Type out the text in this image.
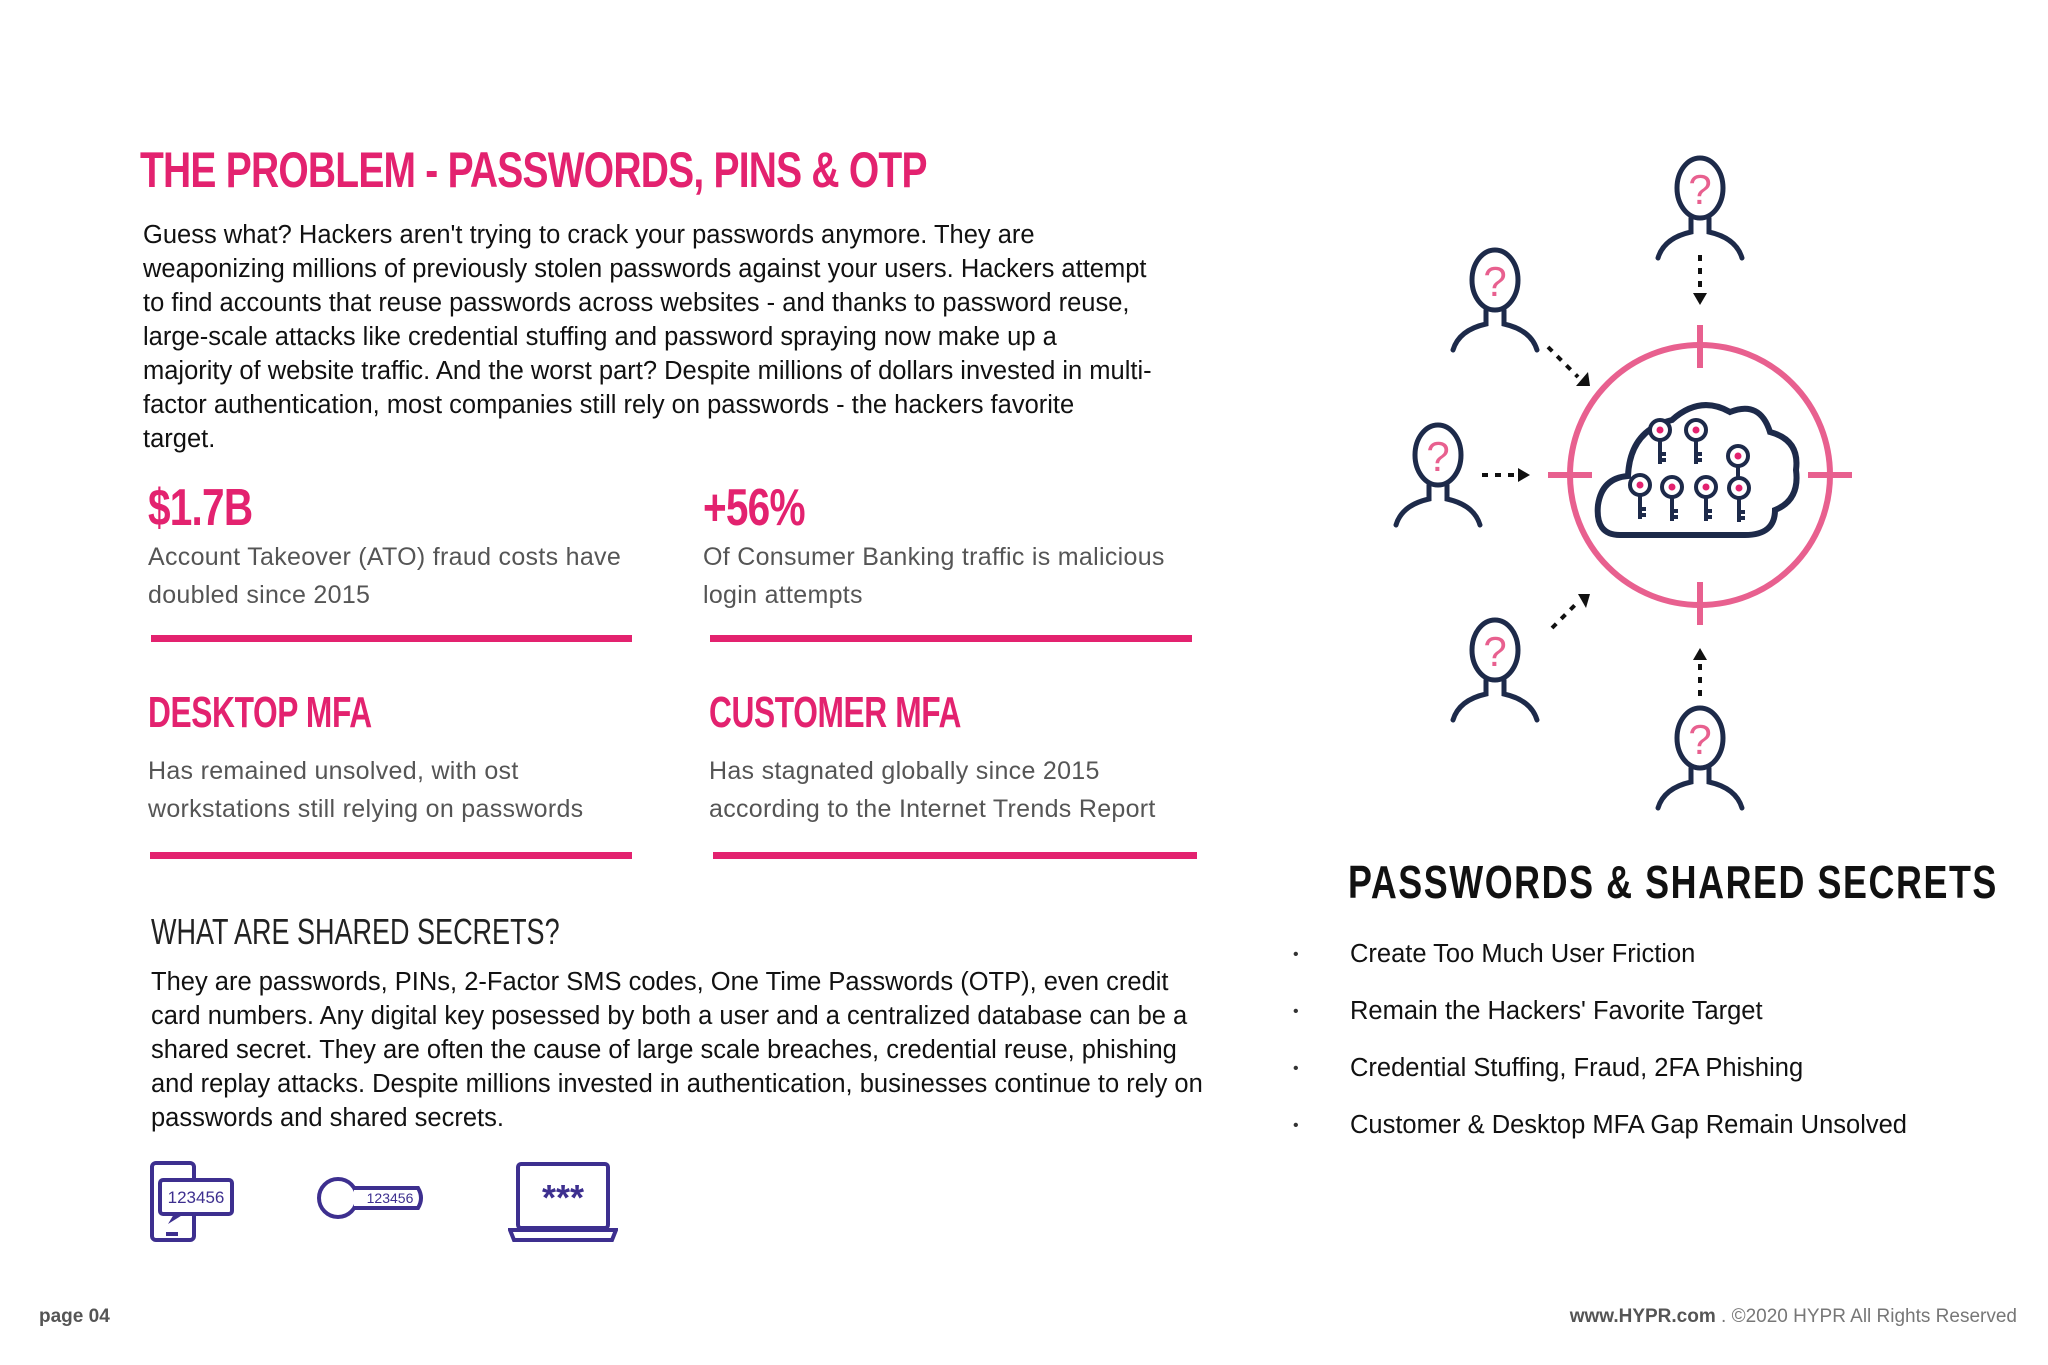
THE PROBLEM - PASSWORDS, PINS & OTP

Guess what? Hackers aren't trying to crack your passwords anymore. They are weaponizing millions of previously stolen passwords against your users. Hackers attempt to find accounts that reuse passwords across websites - and thanks to password reuse, large-scale attacks like credential stuffing and password spraying now make up a majority of website traffic. And the worst part? Despite millions of dollars invested in multi-factor authentication, most companies still rely on passwords - the hackers favorite target.

$1.7B
Account Takeover (ATO) fraud costs have
doubled since 2015
+56%
Of Consumer Banking traffic is malicious
login attempts
DESKTOP MFA
Has remained unsolved, with ost
workstations still relying on passwords
CUSTOMER MFA
Has stagnated globally since 2015
according to the Internet Trends Report
WHAT ARE SHARED SECRETS?

They are passwords, PINs, 2-Factor SMS codes, One Time Passwords (OTP), even credit card numbers. Any digital key posessed by both a user and a centralized database can be a shared secret. They are often the cause of large scale breaches, credential reuse, phishing and replay attacks. Despite millions invested in authentication, businesses continue to rely on passwords and shared secrets.

123456	123456	***
?
?
?
?
?
PASSWORDS & SHARED SECRETS
• Create Too Much User Friction
• Remain the Hackers' Favorite Target
• Credential Stuffing, Fraud, 2FA Phishing
• Customer & Desktop MFA Gap Remain Unsolved
page 04	www.HYPR.com . ©2020 HYPR All Rights Reserved
